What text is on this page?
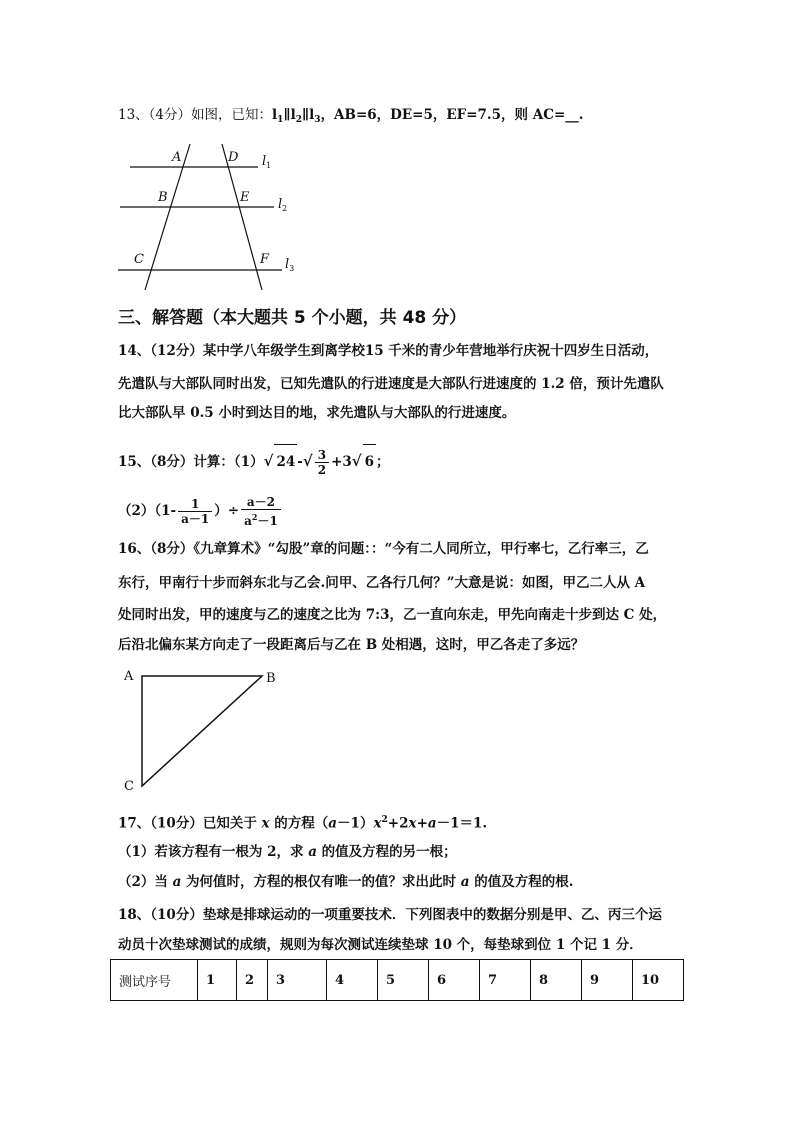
13、（4分）如图，已知：$l_1\parallel l_2\parallel l_3$，AB=6，DE=5，EF=7.5，则 AC=__.
A	D
B	E
C	F
$l_1$
$l_2$
$l_3$
三、解答题（本大题共 5 个小题，共 48 分）
14、（12分）某中学八年级学生到离学校15 千米的青少年营地举行庆祝十四岁生日活动，
先遣队与大部队同时出发，已知先遣队的行进速度是大部队行进速度的 1.2 倍，预计先遣队
比大部队早 0.5 小时到达目的地，求先遣队与大部队的行进速度。
15、（8分）计算：（1）√ 24 -√ $\frac{3}{2} +3√$ 6 ；
$(2)(1- \frac{1}{a-1}$ ）÷ $\frac{a-2}{a^2-1}$
16、（8分）《九章算术》“勾股”章的问题：：“今有二人同所立，甲行率七，乙行率三，乙
东行，甲南行十步而斜东北与乙会.问甲、乙各行几何？”大意是说：如图，甲乙二人从 A
处同时出发，甲的速度与乙的速度之比为 7:3，乙一直向东走，甲先向南走十步到达 C 处，
后沿北偏东某方向走了一段距离后与乙在 B 处相遇，这时，甲乙各走了多远？
A	B
C
17、（10分）已知关于 x 的方程$(a-1)x^2+2x+a-1=1$.
（1）若该方程有一根为 2，求 a 的值及方程的另一根；
（2）当 a 为何值时，方程的根仅有唯一的值？求出此时 a 的值及方程的根.
18、（10分）垫球是排球运动的一项重要技术．下列图表中的数据分别是甲、乙、丙三个运
动员十次垫球测试的成绩，规则为每次测试连续垫球 10 个，每垫球到位 1 个记 1 分．
测试序号	1	2	3	4	5	6	7	8	9	10
